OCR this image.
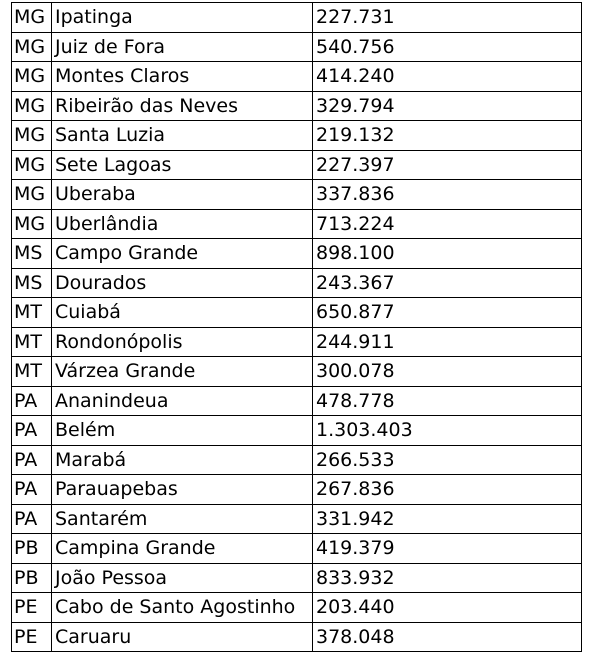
MG	Ipatinga	227.731
MG	Juiz de Fora	540.756
MG	Montes Claros	414.240
MG	Ribeirão das Neves	329.794
MG	Santa Luzia	219.132
MG	Sete Lagoas	227.397
MG	Uberaba	337.836
MG	Uberlândia	713.224
MS	Campo Grande	898.100
MS	Dourados	243.367
MT	Cuiabá	650.877
MT	Rondonópolis	244.911
MT	Várzea Grande	300.078
PA	Ananindeua	478.778
PA	Belém	1.303.403
PA	Marabá	266.533
PA	Parauapebas	267.836
PA	Santarém	331.942
PB	Campina Grande	419.379
PB	João Pessoa	833.932
PE	Cabo de Santo Agostinho	203.440
PE	Caruaru	378.048
